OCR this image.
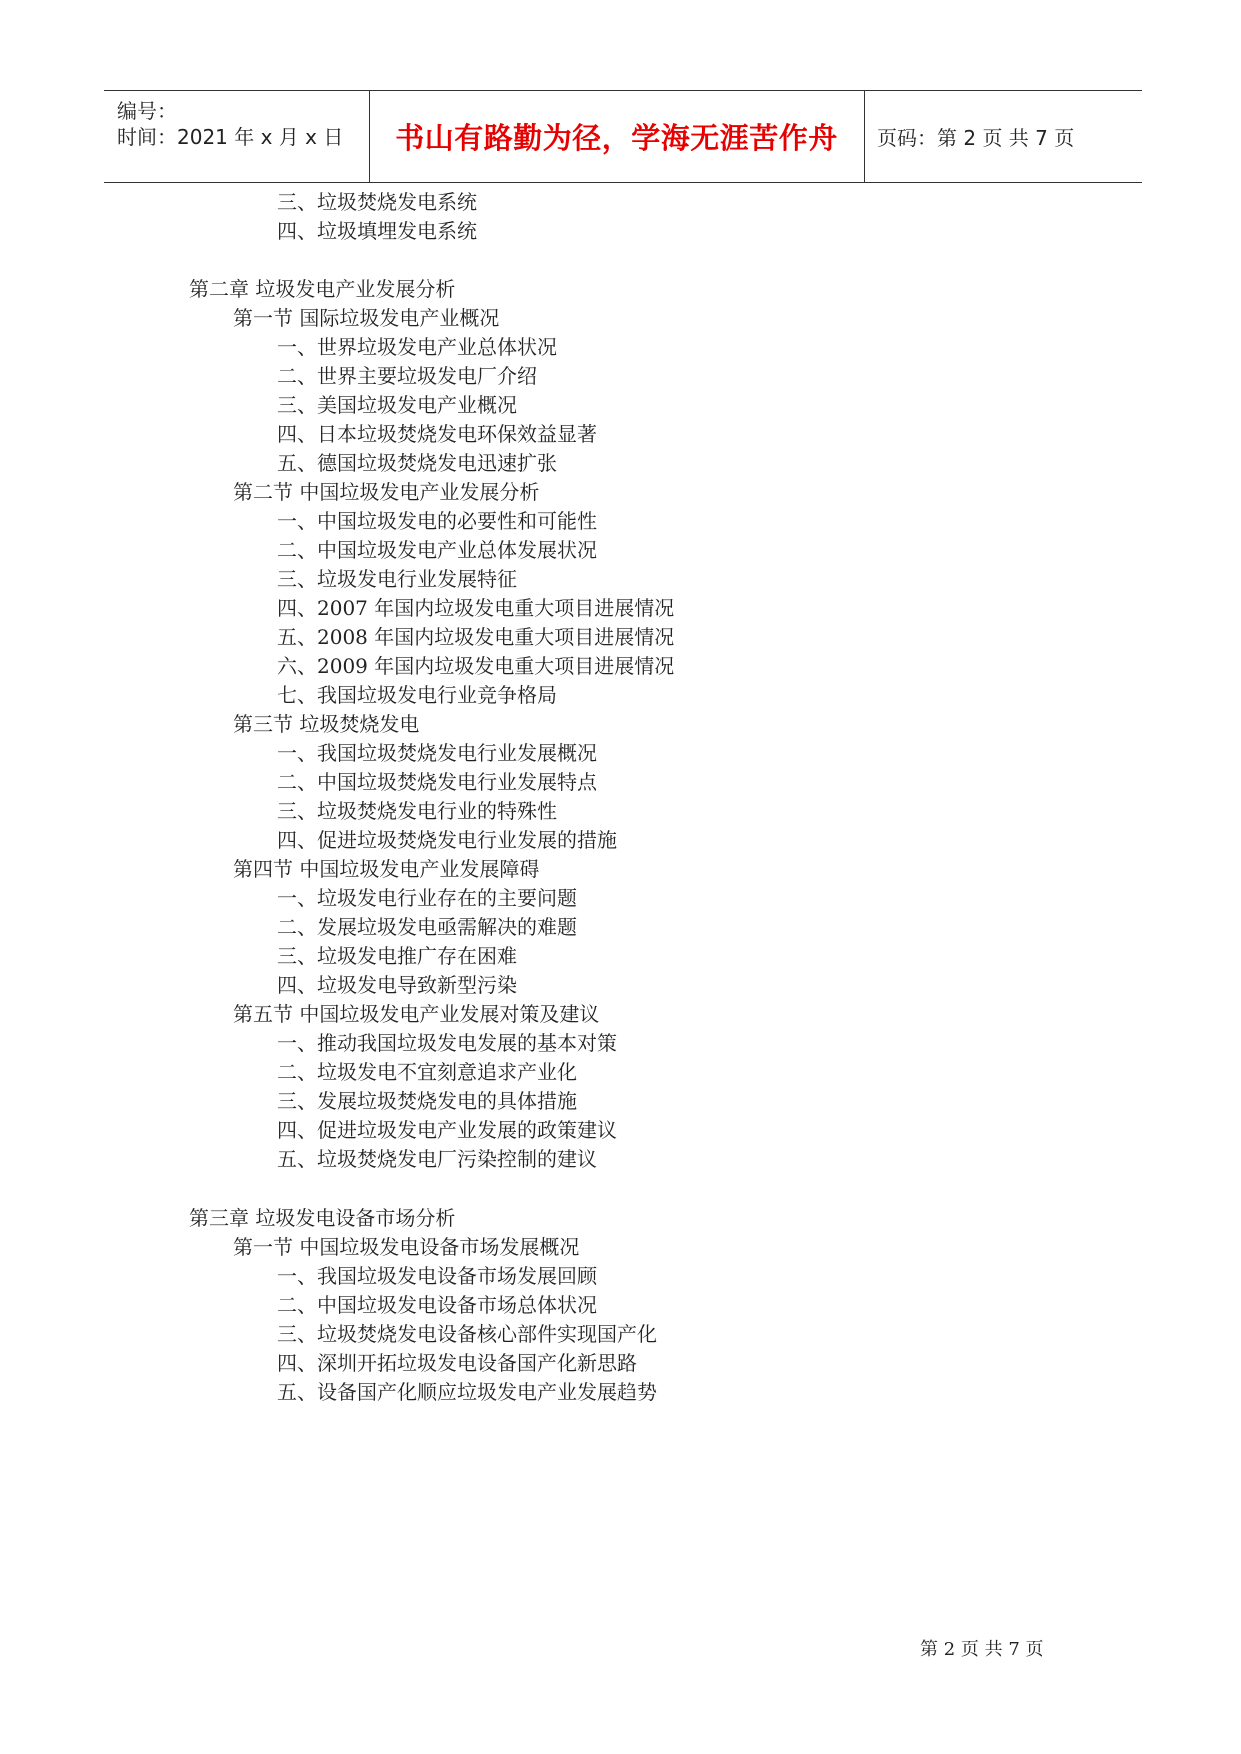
编号：
时间：2021 年 x 月 x 日 书山有路勤为径，学海无涯苦作舟 页码：第 2 页 共 7 页
三、垃圾焚烧发电系统
四、垃圾填埋发电系统
第二章 垃圾发电产业发展分析
第一节 国际垃圾发电产业概况
一、世界垃圾发电产业总体状况
二、世界主要垃圾发电厂介绍
三、美国垃圾发电产业概况
四、日本垃圾焚烧发电环保效益显著
五、德国垃圾焚烧发电迅速扩张
第二节 中国垃圾发电产业发展分析
一、中国垃圾发电的必要性和可能性
二、中国垃圾发电产业总体发展状况
三、垃圾发电行业发展特征
四、2007 年国内垃圾发电重大项目进展情况
五、2008 年国内垃圾发电重大项目进展情况
六、2009 年国内垃圾发电重大项目进展情况
七、我国垃圾发电行业竞争格局
第三节 垃圾焚烧发电
一、我国垃圾焚烧发电行业发展概况
二、中国垃圾焚烧发电行业发展特点
三、垃圾焚烧发电行业的特殊性
四、促进垃圾焚烧发电行业发展的措施
第四节 中国垃圾发电产业发展障碍
一、垃圾发电行业存在的主要问题
二、发展垃圾发电亟需解决的难题
三、垃圾发电推广存在困难
四、垃圾发电导致新型污染
第五节 中国垃圾发电产业发展对策及建议
一、推动我国垃圾发电发展的基本对策
二、垃圾发电不宜刻意追求产业化
三、发展垃圾焚烧发电的具体措施
四、促进垃圾发电产业发展的政策建议
五、垃圾焚烧发电厂污染控制的建议
第三章 垃圾发电设备市场分析
第一节 中国垃圾发电设备市场发展概况
一、我国垃圾发电设备市场发展回顾
二、中国垃圾发电设备市场总体状况
三、垃圾焚烧发电设备核心部件实现国产化
四、深圳开拓垃圾发电设备国产化新思路
五、设备国产化顺应垃圾发电产业发展趋势
第 2 页 共 7 页
